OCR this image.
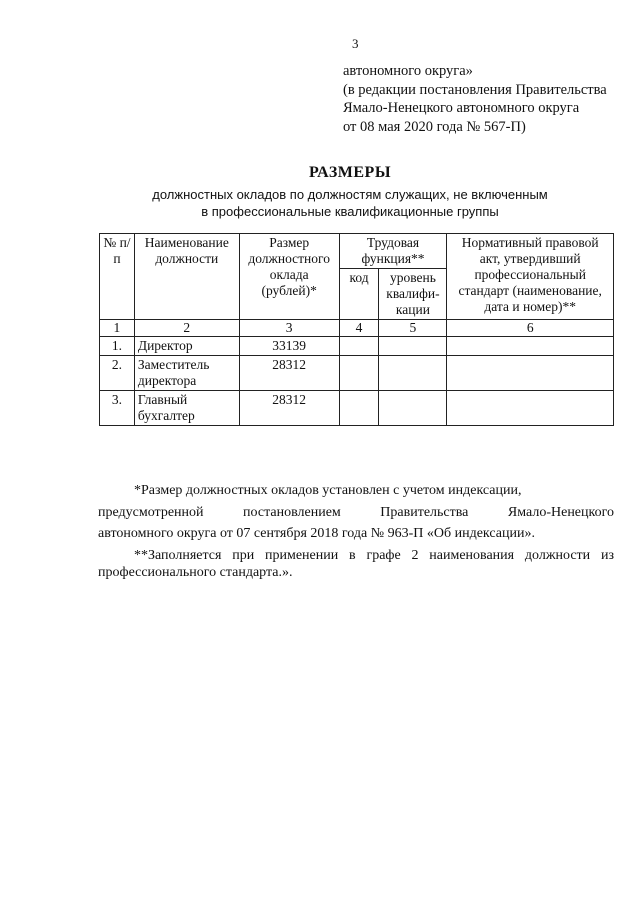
3
автономного округа»
(в редакции постановления Правительства
Ямало-Ненецкого автономного округа
от 08 мая 2020 года № 567-П)
РАЗМЕРЫ
должностных окладов по должностям служащих, не включенным
в профессиональные квалификационные группы
№ п/п	Наименование должности	Размер должностного оклада (рублей)*	Трудовая функция**		Нормативный правовой акт, утвердивший профессиональный стандарт (наименование, дата и номер)**
			код	уровень квалифи-кации	
1	2	3	4	5	6
1.	Директор	33139			
2.	Заместитель директора	28312			
3.	Главный бухгалтер	28312			

*Размер должностных окладов установлен с учетом индексации,

предусмотренной	постановлением	Правительства	Ямало-Ненецкого

автономного округа от 07 сентября 2018 года № 963-П «Об индексации».

**Заполняется при применении в графе 2 наименования должности из профессионального стандарта.».
